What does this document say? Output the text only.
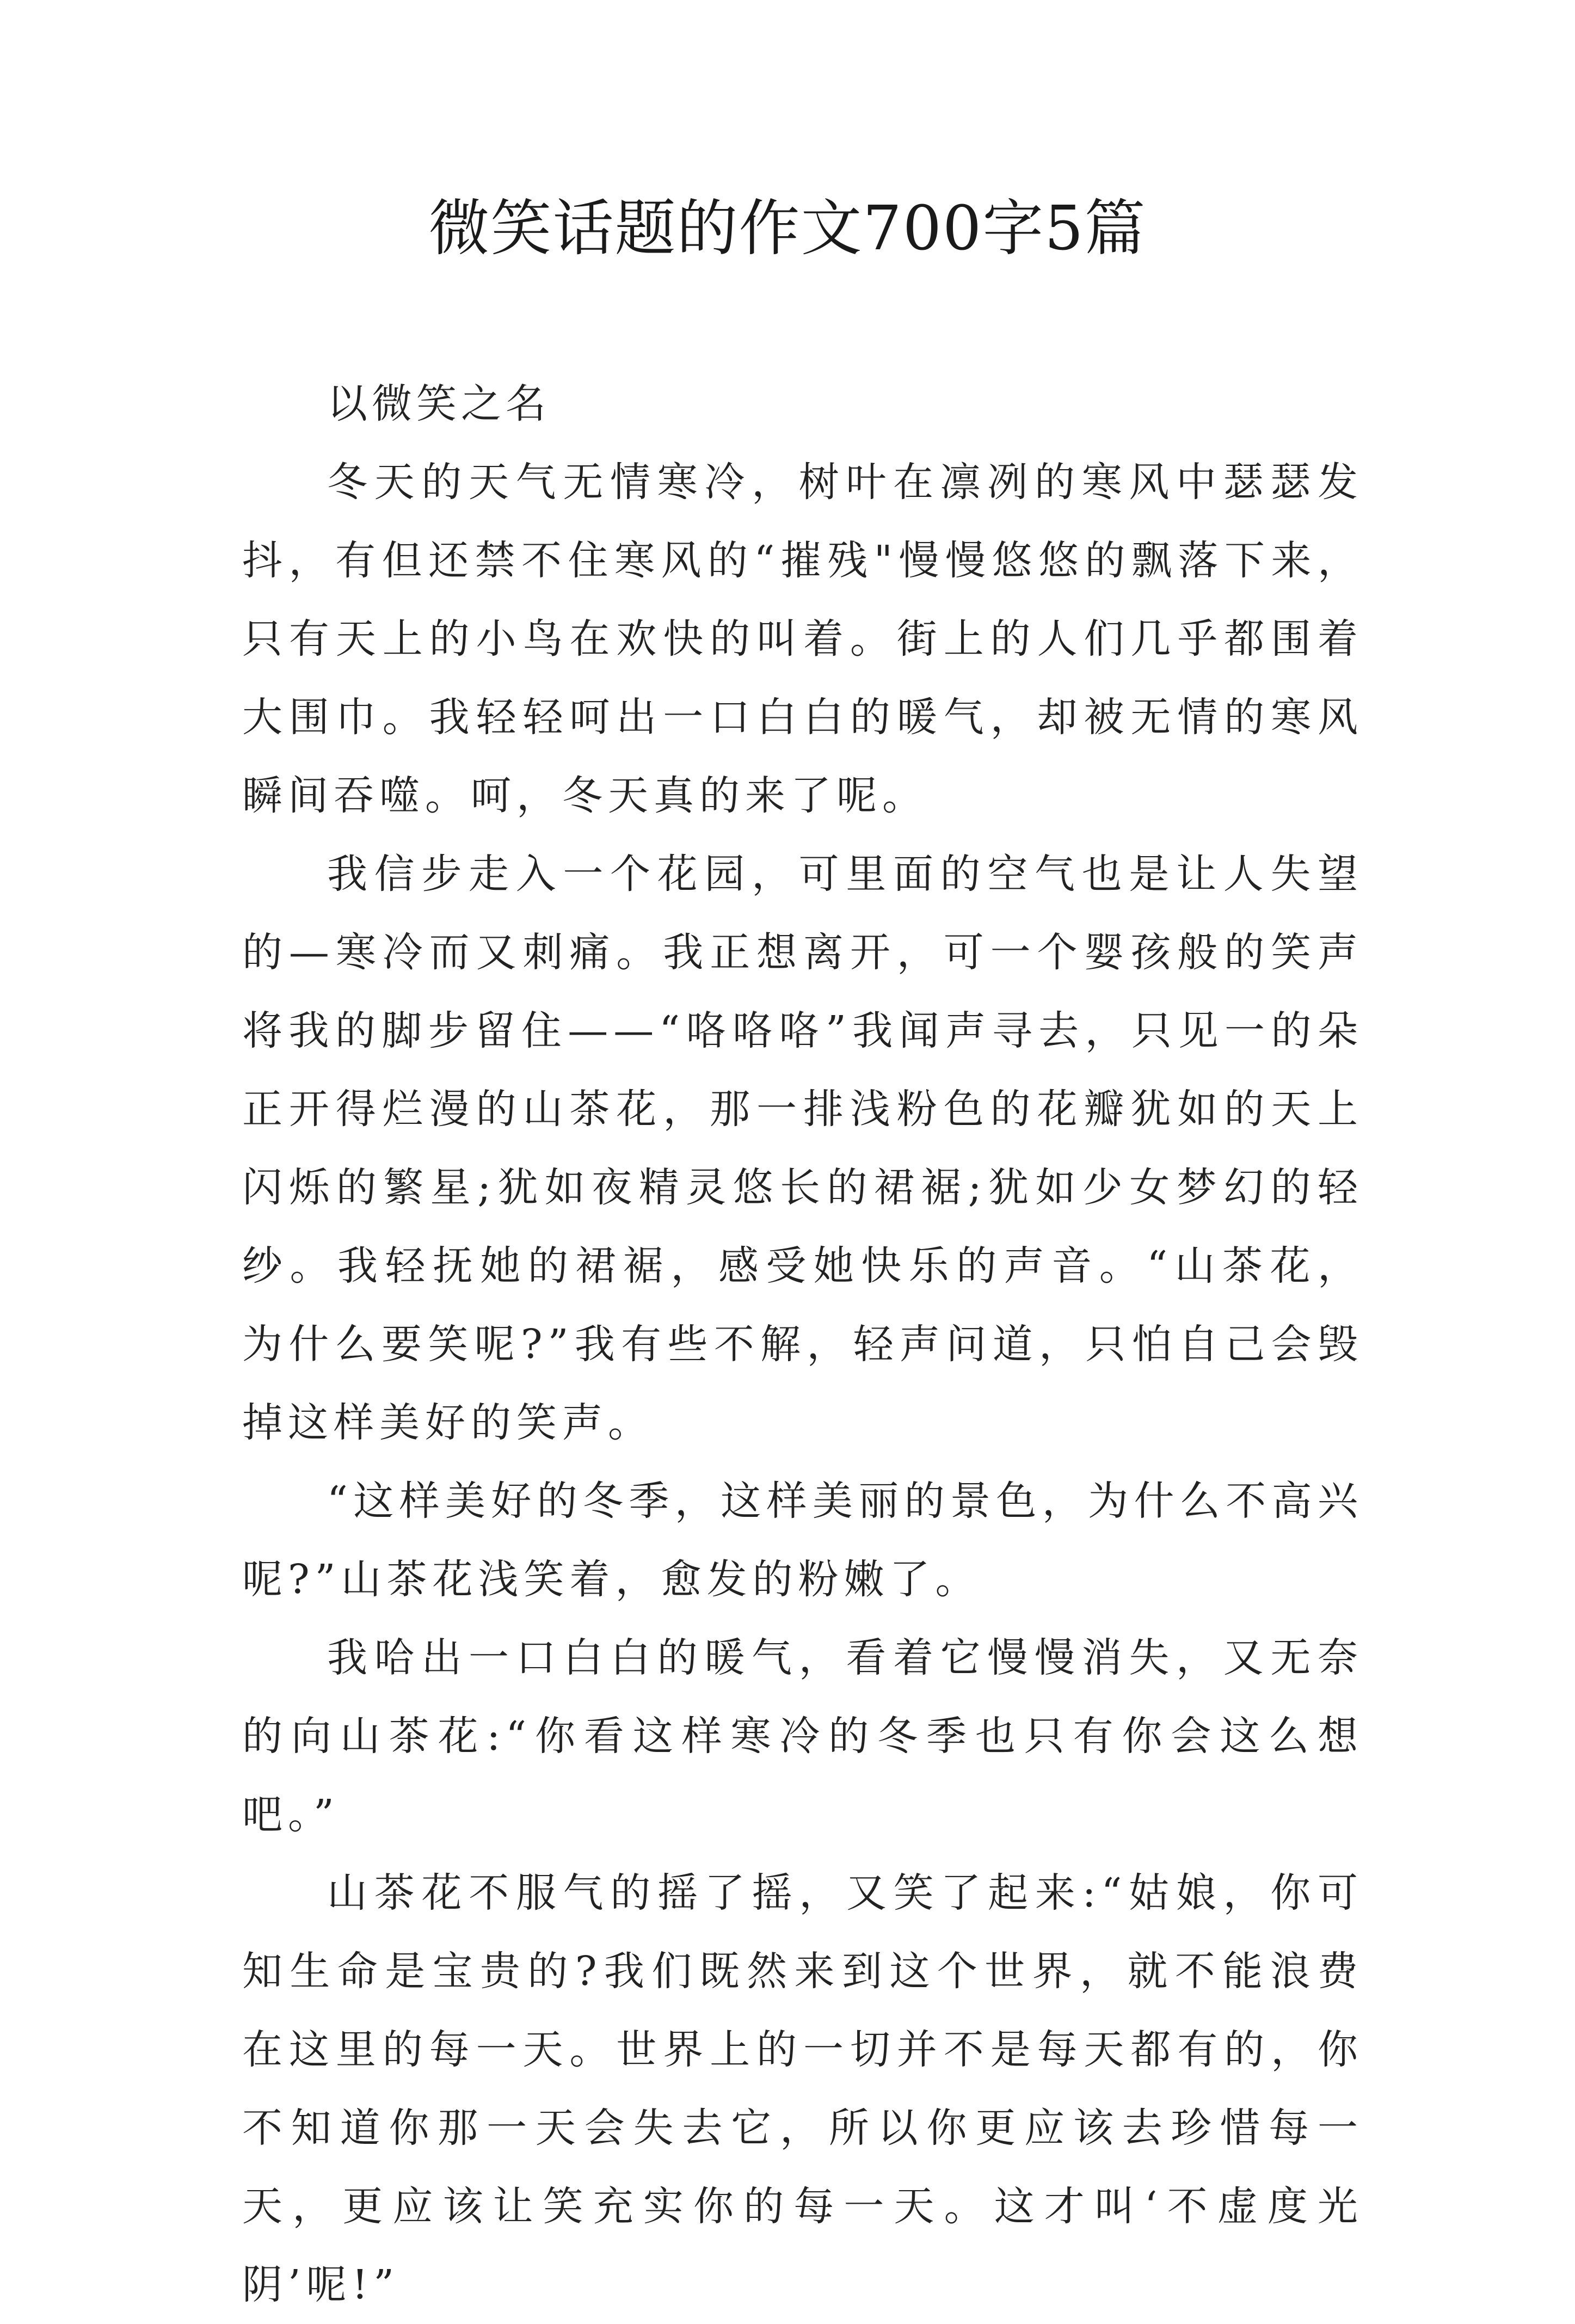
微笑话题的作文700字5篇

以微笑之名

冬天的天气无情寒冷，树叶在凛冽的寒风中瑟瑟发抖，有但还禁不住寒风的“摧残"慢慢悠悠的飘落下来，只有天上的小鸟在欢快的叫着。街上的人们几乎都围着大围巾。我轻轻呵出一口白白的暖气，却被无情的寒风瞬间吞噬。呵，冬天真的来了呢。

我信步走入一个花园，可里面的空气也是让人失望的—寒冷而又刺痛。我正想离开，可一个婴孩般的笑声将我的脚步留住——“咯咯咯”我闻声寻去，只见一的朵正开得烂漫的山茶花，那一排浅粉色的花瓣犹如的天上闪烁的繁星;犹如夜精灵悠长的裙裾;犹如少女梦幻的轻纱。我轻抚她的裙裾，感受她快乐的声音。“山茶花，为什么要笑呢?”我有些不解，轻声问道，只怕自己会毁掉这样美好的笑声。

“这样美好的冬季，这样美丽的景色，为什么不高兴呢?”山茶花浅笑着，愈发的粉嫩了。

我哈出一口白白的暖气，看着它慢慢消失，又无奈的向山茶花:“你看这样寒冷的冬季也只有你会这么想吧。”

山茶花不服气的摇了摇，又笑了起来:“姑娘，你可知生命是宝贵的?我们既然来到这个世界，就不能浪费在这里的每一天。世界上的一切并不是每天都有的，你不知道你那一天会失去它，所以你更应该去珍惜每一天，更应该让笑充实你的每一天。这才叫‘不虚度光阴’呢!”
